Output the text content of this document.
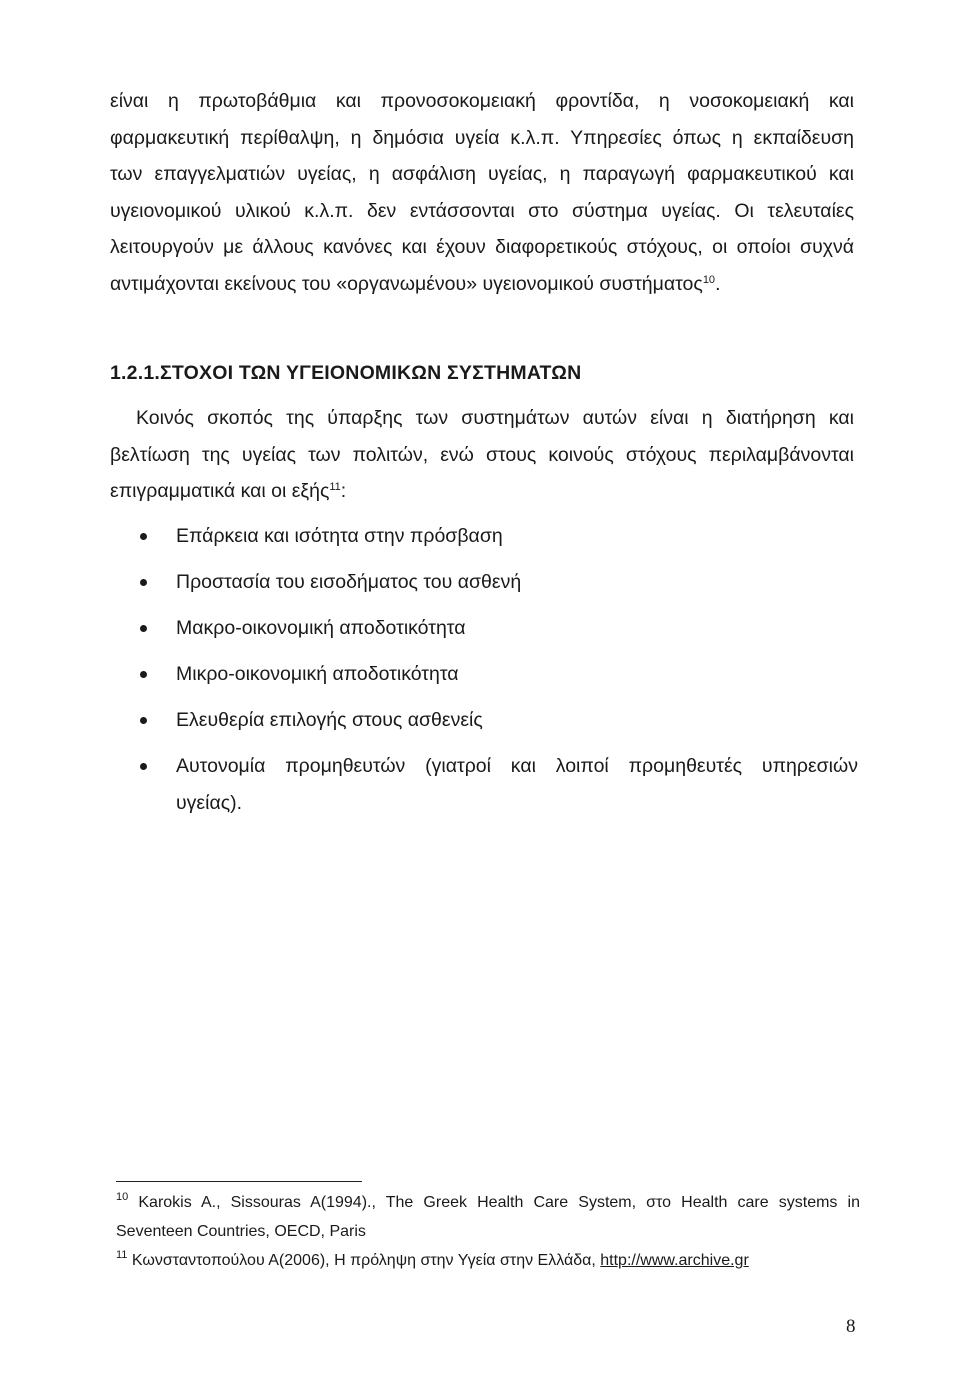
είναι η πρωτοβάθμια και προνοσοκομειακή φροντίδα, η νοσοκομειακή και
φαρμακευτική περίθαλψη, η δημόσια υγεία κ.λ.π. Υπηρεσίες όπως η εκπαίδευση
των επαγγελματιών υγείας, η ασφάλιση υγείας, η παραγωγή φαρμακευτικού και
υγειονομικού υλικού κ.λ.π. δεν εντάσσονται στο σύστημα υγείας. Οι τελευταίες
λειτουργούν με άλλους κανόνες και έχουν διαφορετικούς στόχους, οι οποίοι συχνά
αντιμάχονται εκείνους του «οργανωμένου» υγειονομικού συστήματος$^{10}$.
1.2.1.ΣΤΟΧΟΙ ΤΩΝ ΥΓΕΙΟΝΟΜΙΚΩΝ ΣΥΣΤΗΜΑΤΩΝ
Κοινός σκοπός της ύπαρξης των συστημάτων αυτών είναι η διατήρηση και
βελτίωση της υγείας των πολιτών, ενώ στους κοινούς στόχους περιλαμβάνονται
επιγραμματικά και οι εξής$^{11}$:
Επάρκεια και ισότητα στην πρόσβαση
Προστασία του εισοδήματος του ασθενή
Μακρο-οικονομική αποδοτικότητα
Μικρο-οικονομική αποδοτικότητα
Ελευθερία επιλογής στους ασθενείς
Αυτονομία προμηθευτών (γιατροί και λοιποί προμηθευτές υπηρεσιών
υγείας).

$^{10}$ Karokis A., Sissouras A(1994)., The Greek Health Care System, στο Health care systems in
Seventeen Countries, OECD, Paris

$^{11}$ Κωνσταντοπούλου Α(2006), Η πρόληψη στην Υγεία στην Ελλάδα, http://www.archive.gr

8
